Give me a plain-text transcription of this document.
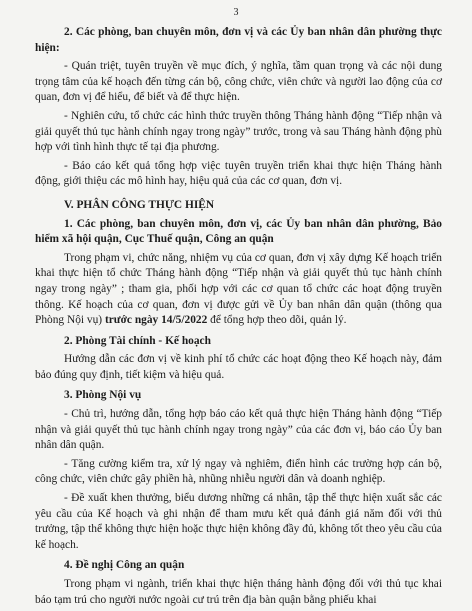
3

2. Các phòng, ban chuyên môn, đơn vị và các Ủy ban nhân dân phường thực hiện:

- Quán triệt, tuyên truyền về mục đích, ý nghĩa, tầm quan trọng và các nội dung trọng tâm của kế hoạch đến từng cán bộ, công chức, viên chức và người lao động của cơ quan, đơn vị để hiểu, để biết và để thực hiện.

- Nghiên cứu, tổ chức các hình thức truyền thông Tháng hành động “Tiếp nhận và giải quyết thủ tục hành chính ngay trong ngày” trước, trong và sau Tháng hành động phù hợp với tình hình thực tế tại địa phương.

- Báo cáo kết quả tổng hợp việc tuyên truyền triển khai thực hiện Tháng hành động, giới thiệu các mô hình hay, hiệu quả của các cơ quan, đơn vị.

V. PHÂN CÔNG THỰC HIỆN

1. Các phòng, ban chuyên môn, đơn vị, các Ủy ban nhân dân phường, Bảo hiểm xã hội quận, Cục Thuế quận, Công an quận

Trong phạm vi, chức năng, nhiệm vụ của cơ quan, đơn vị xây dựng Kế hoạch triển khai thực hiện tổ chức Tháng hành động “Tiếp nhận và giải quyết thủ tục hành chính ngay trong ngày” ; tham gia, phối hợp với các cơ quan tổ chức các hoạt động truyền thông. Kế hoạch của cơ quan, đơn vị được gửi về Ủy ban nhân dân quận (thông qua Phòng Nội vụ) trước ngày 14/5/2022 để tổng hợp theo dõi, quản lý.

2. Phòng Tài chính - Kế hoạch

Hướng dẫn các đơn vị về kinh phí tổ chức các hoạt động theo Kế hoạch này, đảm bảo đúng quy định, tiết kiệm và hiệu quả.

3. Phòng Nội vụ

- Chủ trì, hướng dẫn, tổng hợp báo cáo kết quả thực hiện Tháng hành động “Tiếp nhận và giải quyết thủ tục hành chính ngay trong ngày” của các đơn vị, báo cáo Ủy ban nhân dân quận.

- Tăng cường kiểm tra, xử lý ngay và nghiêm, điển hình các trường hợp cán bộ, công chức, viên chức gây phiền hà, nhũng nhiễu người dân và doanh nghiệp.

- Đề xuất khen thưởng, biểu dương những cá nhân, tập thể thực hiện xuất sắc các yêu cầu của Kế hoạch và ghi nhận để tham mưu kết quả đánh giá năm đối với thủ trưởng, tập thể không thực hiện hoặc thực hiện không đầy đủ, không tốt theo yêu cầu của kế hoạch.

4. Đề nghị Công an quận

Trong phạm vi ngành, triển khai thực hiện tháng hành động đối với thủ tục khai báo tạm trú cho người nước ngoài cư trú trên địa bàn quận bằng phiếu khai
